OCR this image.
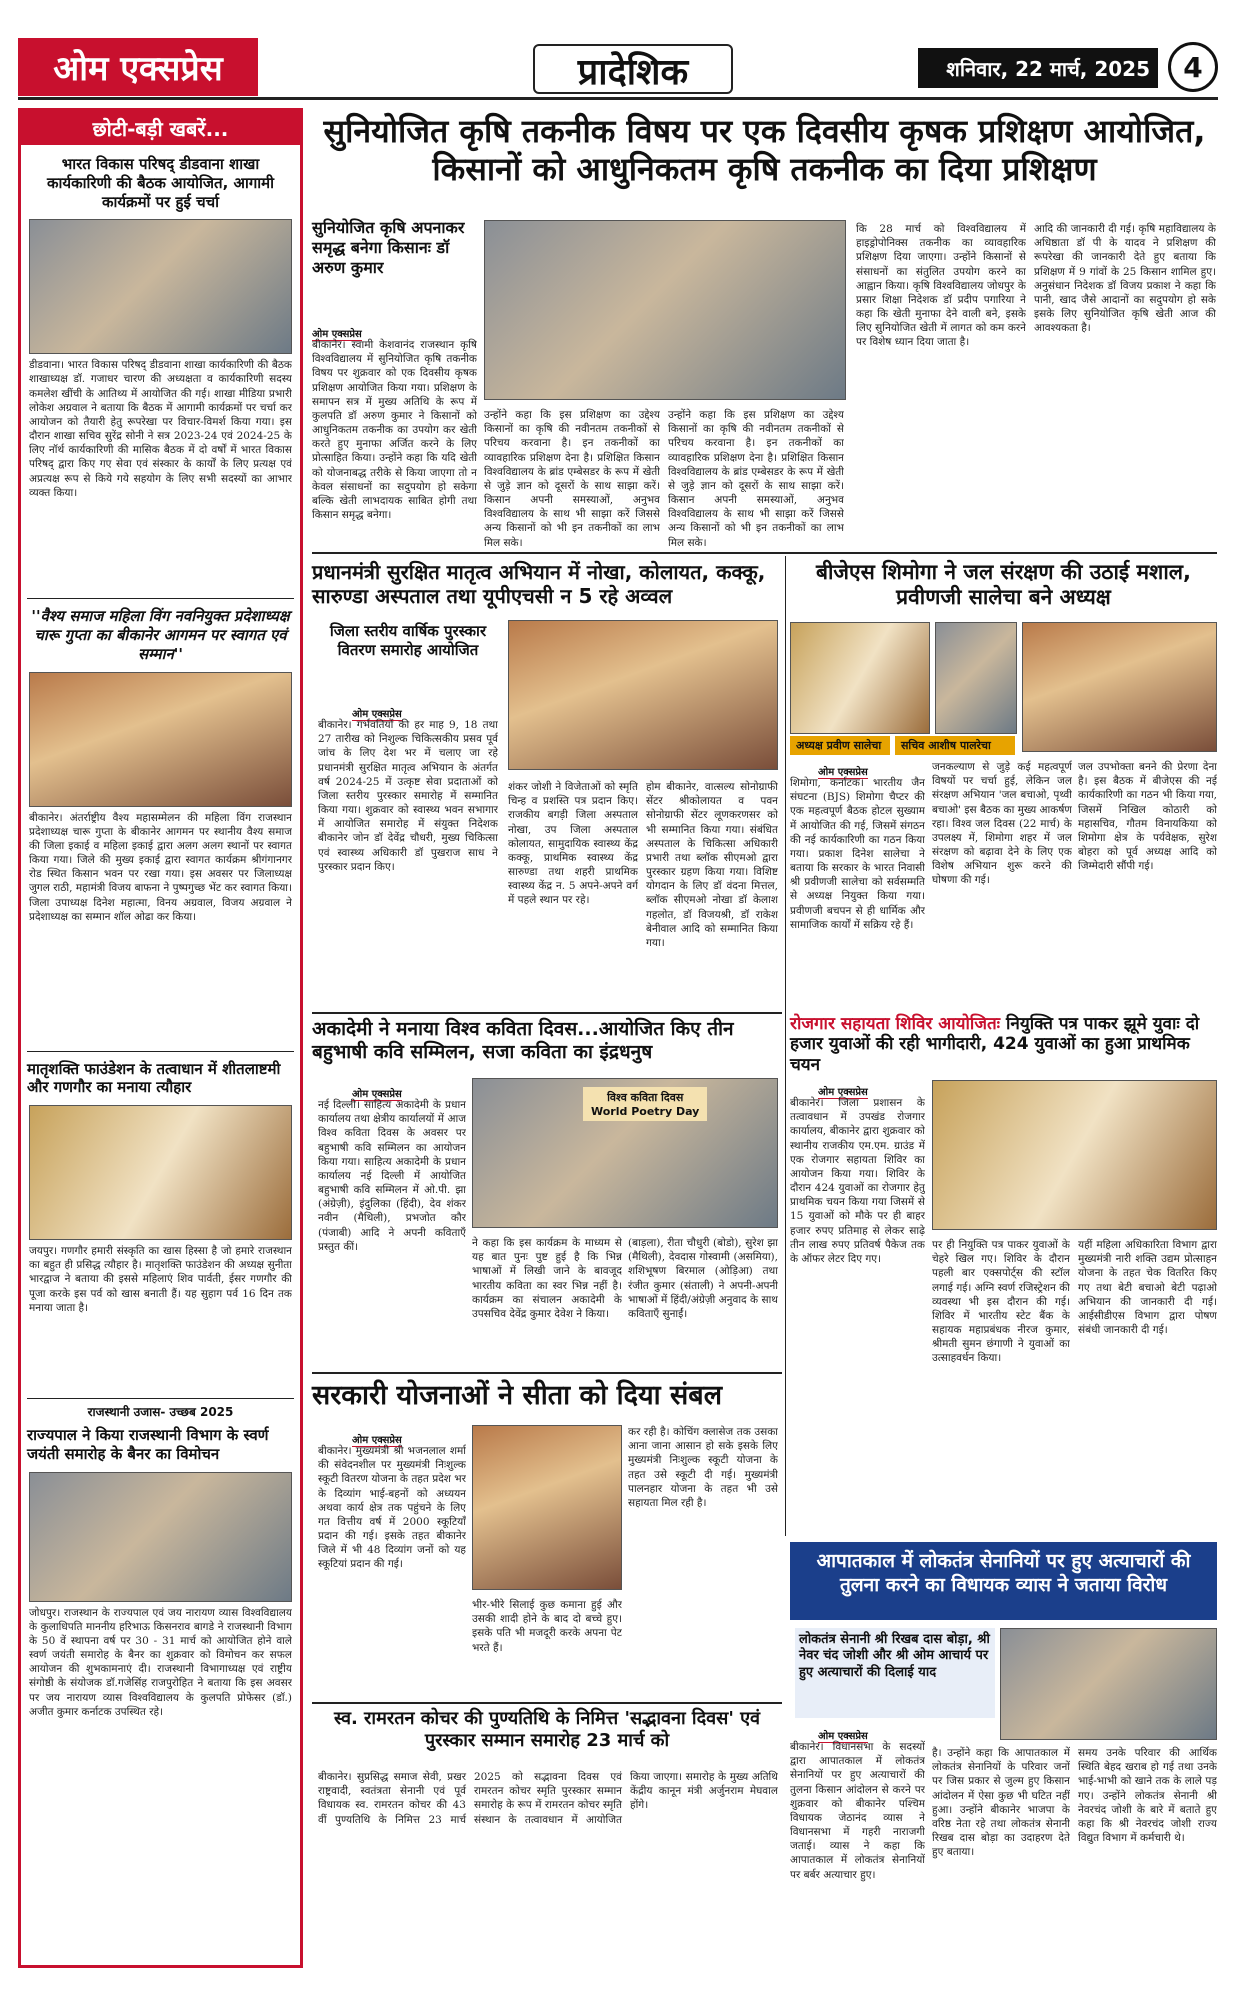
ओम एक्सप्रेस	प्रादेशिक	शनिवार, 22 मार्च, 2025	4
छोटी-बड़ी खबरें...
भारत विकास परिषद् डीडवाना शाखा कार्यकारिणी की बैठक आयोजित, आगामी कार्यक्रमों पर हुई चर्चा
डीडवाना। भारत विकास परिषद् डीडवाना शाखा कार्यकारिणी की बैठक शाखाध्यक्ष डॉ. गजाधर चारण की अध्यक्षता व कार्यकारिणी सदस्य कमलेश खींची के आतिथ्य में आयोजित की गई। शाखा मीडिया प्रभारी लोकेश अग्रवाल ने बताया कि बैठक में आगामी कार्यक्रमों पर चर्चा कर आयोजन को तैयारी हेतु रूपरेखा पर विचार-विमर्श किया गया। इस दौरान शाखा सचिव सुरेंद्र सोनी ने सत्र 2023-24 एवं 2024-25 के लिए नॉर्थ कार्यकारिणी की मासिक बैठक में दो वर्षों में भारत विकास परिषद् द्वारा किए गए सेवा एवं संस्कार के कार्यों के लिए प्रत्यक्ष एवं अप्रत्यक्ष रूप से किये गये सहयोग के लिए सभी सदस्यों का आभार व्यक्त किया।
''वैश्य समाज महिला विंग नवनियुक्त प्रदेशाध्यक्ष चारू गुप्ता का बीकानेर आगमन पर स्वागत एवं सम्मान''
बीकानेर। अंतर्राष्ट्रीय वैश्य महासम्मेलन की महिला विंग राजस्थान प्रदेशाध्यक्ष चारू गुप्ता के बीकानेर आगमन पर स्थानीय वैश्य समाज की जिला इकाई व महिला इकाई द्वारा अलग अलग स्थानों पर स्वागत किया गया। जिले की मुख्य इकाई द्वारा स्वागत कार्यक्रम श्रीगंगानगर रोड स्थित किसान भवन पर रखा गया। इस अवसर पर जिलाध्यक्ष जुगल राठी, महामंत्री विजय बाफना ने पुष्पगुच्छ भेंट कर स्वागत किया। जिला उपाध्यक्ष दिनेश महात्मा, विनय अग्रवाल, विजय अग्रवाल ने प्रदेशाध्यक्ष का सम्मान शॉल ओढा कर किया।
मातृशक्ति फाउंडेशन के तत्वाधान में शीतलाष्टमी और गणगौर का मनाया त्यौहार
जयपुर। गणगौर हमारी संस्कृति का खास हिस्सा है जो हमारे राजस्थान का बहुत ही प्रसिद्ध त्यौहार है। मातृशक्ति फाउंडेशन की अध्यक्ष सुनीता भारद्वाज ने बताया की इससे महिलाएं शिव पार्वती, ईसर गणगौर की पूजा करके इस पर्व को खास बनाती हैं। यह सुहाग पर्व 16 दिन तक मनाया जाता है।
राजस्थानी उजास- उच्छब 2025
राज्यपाल ने किया राजस्थानी विभाग के स्वर्ण जयंती समारोह के बैनर का विमोचन
जोधपुर। राजस्थान के राज्यपाल एवं जय नारायण व्यास विश्वविद्यालय के कुलाधिपति माननीय हरिभाऊ किसनराव बागडे ने राजस्थानी विभाग के 50 वें स्थापना वर्ष पर 30 - 31 मार्च को आयोजित होने वाले स्वर्ण जयंती समारोह के बैनर का शुक्रवार को विमोचन कर सफल आयोजन की शुभकामनाएं दी। राजस्थानी विभागाध्यक्ष एवं राष्ट्रीय संगोष्ठी के संयोजक डॉ.गजेसिंह राजपुरोहित ने बताया कि इस अवसर पर जय नारायण व्यास विश्वविद्यालय के कुलपति प्रोफेसर (डॉ.) अजीत कुमार कर्नाटक उपस्थित रहे।
सुनियोजित कृषि तकनीक विषय पर एक दिवसीय कृषक प्रशिक्षण आयोजित, किसानों को आधुनिकतम कृषि तकनीक का दिया प्रशिक्षण
सुनियोजित कृषि अपनाकर समृद्ध बनेगा किसानः डॉ अरुण कुमार
ओम एक्सप्रेस
बीकानेर। स्वामी केशवानंद राजस्थान कृषि विश्वविद्यालय में सुनियोजित कृषि तकनीक विषय पर शुक्रवार को एक दिवसीय कृषक प्रशिक्षण आयोजित किया गया। प्रशिक्षण के समापन सत्र में मुख्य अतिथि के रूप में कुलपति डॉ अरुण कुमार ने किसानों को आधुनिकतम तकनीक का उपयोग कर खेती करते हुए मुनाफा अर्जित करने के लिए प्रोत्साहित किया। उन्होंने कहा कि यदि खेती को योजनाबद्ध तरीके से किया जाएगा तो न केवल संसाधनों का सदुपयोग हो सकेगा बल्कि खेती लाभदायक साबित होगी तथा किसान समृद्ध बनेगा।
उन्होंने कहा कि इस प्रशिक्षण का उद्देश्य किसानों का कृषि की नवीनतम तकनीकों से परिचय करवाना है। इन तकनीकों का व्यावहारिक प्रशिक्षण देना है। प्रशिक्षित किसान विश्वविद्यालय के ब्रांड एम्बेसडर के रूप में खेती से जुड़े ज्ञान को दूसरों के साथ साझा करें। किसान अपनी समस्याओं, अनुभव विश्वविद्यालय के साथ भी साझा करें जिससे अन्य किसानों को भी इन तकनीकों का लाभ मिल सके।
उन्होंने कहा कि इस प्रशिक्षण का उद्देश्य किसानों का कृषि की नवीनतम तकनीकों से परिचय करवाना है। इन तकनीकों का व्यावहारिक प्रशिक्षण देना है। प्रशिक्षित किसान विश्वविद्यालय के ब्रांड एम्बेसडर के रूप में खेती से जुड़े ज्ञान को दूसरों के साथ साझा करें। किसान अपनी समस्याओं, अनुभव विश्वविद्यालय के साथ भी साझा करें जिससे अन्य किसानों को भी इन तकनीकों का लाभ मिल सके।
कि 28 मार्च को विश्वविद्यालय में हाइड्रोपोनिक्स तकनीक का व्यावहारिक प्रशिक्षण दिया जाएगा। उन्होंने किसानों से संसाधनों का संतुलित उपयोग करने का आह्वान किया। कृषि विश्वविद्यालय जोधपुर के प्रसार शिक्षा निदेशक डॉ प्रदीप पगारिया ने कहा कि खेती मुनाफा देने वाली बने, इसके लिए सुनियोजित खेती में लागत को कम करने पर विशेष ध्यान दिया जाता है।
आदि की जानकारी दी गई। कृषि महाविद्यालय के अधिष्ठाता डॉ पी के यादव ने प्रशिक्षण की रूपरेखा की जानकारी देते हुए बताया कि प्रशिक्षण में 9 गांवों के 25 किसान शामिल हुए। अनुसंधान निदेशक डॉ विजय प्रकाश ने कहा कि पानी, खाद जैसे आदानों का सदुपयोग हो सके इसके लिए सुनियोजित कृषि खेती आज की आवश्यकता है।
प्रधानमंत्री सुरक्षित मातृत्व अभियान में नोखा, कोलायत, कक्कू, सारुण्डा अस्पताल तथा यूपीएचसी न 5 रहे अव्वल
जिला स्तरीय वार्षिक पुरस्कार वितरण समारोह आयोजित
ओम एक्सप्रेस
बीकानेर। गर्भवतियों की हर माह 9, 18 तथा 27 तारीख को निशुल्क चिकित्सकीय प्रसव पूर्व जांच के लिए देश भर में चलाए जा रहे प्रधानमंत्री सुरक्षित मातृत्व अभियान के अंतर्गत वर्ष 2024-25 में उत्कृष्ट सेवा प्रदाताओं को जिला स्तरीय पुरस्कार समारोह में सम्मानित किया गया। शुक्रवार को स्वास्थ्य भवन सभागार में आयोजित समारोह में संयुक्त निदेशक बीकानेर जोन डॉ देवेंद्र चौधरी, मुख्य चिकित्सा एवं स्वास्थ्य अधिकारी डॉ पुखराज साध ने पुरस्कार प्रदान किए।
शंकर जोशी ने विजेताओं को स्मृति चिन्ह व प्रशस्ति पत्र प्रदान किए। राजकीय बगड़ी जिला अस्पताल नोखा, उप जिला अस्पताल कोलायत, सामुदायिक स्वास्थ्य केंद्र कक्कू, प्राथमिक स्वास्थ्य केंद्र सारुण्डा तथा शहरी प्राथमिक स्वास्थ्य केंद्र न. 5 अपने-अपने वर्ग में पहले स्थान पर रहे।
होम बीकानेर, वात्सल्य सोनोग्राफी सेंटर श्रीकोलायत व पवन सोनोग्राफी सेंटर लूणकरणसर को भी सम्मानित किया गया। संबंधित अस्पताल के चिकित्सा अधिकारी प्रभारी तथा ब्लॉक सीएमओ द्वारा पुरस्कार ग्रहण किया गया। विशिष्ट योगदान के लिए डॉ वंदना मित्तल, ब्लॉक सीएमओ नोखा डॉ केलाश गहलोत, डॉ विजयश्री, डॉ राकेश बेनीवाल आदि को सम्मानित किया गया।
बीजेएस शिमोगा ने जल संरक्षण की उठाई मशाल, प्रवीणजी सालेचा बने अध्यक्ष
अध्यक्ष प्रवीण सालेचा	सचिव आशीष पालरेचा
ओम एक्सप्रेस
शिमोगा, कर्नाटक। भारतीय जैन संघटना (BJS) शिमोगा चैप्टर की एक महत्वपूर्ण बैठक होटल सुख्याम में आयोजित की गई, जिसमें संगठन की नई कार्यकारिणी का गठन किया गया। प्रकाश दिनेश सालेचा ने बताया कि सरकार के भारत निवासी श्री प्रवीणजी सालेचा को सर्वसम्मति से अध्यक्ष नियुक्त किया गया। प्रवीणजी बचपन से ही धार्मिक और सामाजिक कार्यों में सक्रिय रहे हैं।
जनकल्याण से जुड़े कई महत्वपूर्ण विषयों पर चर्चा हुई, लेकिन जल संरक्षण अभियान 'जल बचाओ, पृथ्वी बचाओ' इस बैठक का मुख्य आकर्षण रहा। विश्व जल दिवस (22 मार्च) के उपलक्ष्य में, शिमोगा शहर में जल संरक्षण को बढ़ावा देने के लिए एक विशेष अभियान शुरू करने की घोषणा की गई।
जल उपभोक्ता बनने की प्रेरणा देना है। इस बैठक में बीजेएस की नई कार्यकारिणी का गठन भी किया गया, जिसमें निखिल कोठारी को महासचिव, गौतम विनायकिया को शिमोगा क्षेत्र के पर्यवेक्षक, सुरेश बोहरा को पूर्व अध्यक्ष आदि को जिम्मेदारी सौंपी गई।
रोजगार सहायता शिविर आयोजितः नियुक्ति पत्र पाकर झूमे युवाः दो हजार युवाओं की रही भागीदारी, 424 युवाओं का हुआ प्राथमिक चयन
ओम एक्सप्रेस
बीकानेर। जिला प्रशासन के तत्वावधान में उपखंड रोजगार कार्यालय, बीकानेर द्वारा शुक्रवार को स्थानीय राजकीय एम.एम. ग्राउंड में एक रोजगार सहायता शिविर का आयोजन किया गया। शिविर के दौरान 424 युवाओं का रोजगार हेतु प्राथमिक चयन किया गया जिसमें से 15 युवाओं को मौके पर ही बाहर हजार रुपए प्रतिमाह से लेकर साढ़े तीन लाख रुपए प्रतिवर्ष पैकेज तक के ऑफर लेटर दिए गए।
पर ही नियुक्ति पत्र पाकर युवाओं के चेहरे खिल गए। शिविर के दौरान पहली बार एक्सपोर्ट्स की स्टॉल लगाई गई। अग्नि स्वर्ण रजिस्ट्रेशन की व्यवस्था भी इस दौरान की गई। शिविर में भारतीय स्टेट बैंक के सहायक महाप्रबंधक नीरज कुमार, श्रीमती सुमन छंगाणी ने युवाओं का उत्साहवर्धन किया।
यहीं महिला अधिकारिता विभाग द्वारा मुख्यमंत्री नारी शक्ति उद्यम प्रोत्साहन योजना के तहत चेक वितरित किए गए तथा बेटी बचाओ बेटी पढ़ाओ अभियान की जानकारी दी गई। आईसीडीएस विभाग द्वारा पोषण संबंधी जानकारी दी गई।
अकादेमी ने मनाया विश्व कविता दिवस...आयोजित किए तीन बहुभाषी कवि सम्मिलन, सजा कविता का इंद्रधनुष
विश्व कविता दिवस
World Poetry Day
ओम एक्सप्रेस
नई दिल्ली। साहित्य अकादेमी के प्रधान कार्यालय तथा क्षेत्रीय कार्यालयों में आज विश्व कविता दिवस के अवसर पर बहुभाषी कवि सम्मिलन का आयोजन किया गया। साहित्य अकादेमी के प्रधान कार्यालय नई दिल्ली में आयोजित बहुभाषी कवि सम्मिलन में ओ.पी. झा (अंग्रेज़ी), इंदुलिका (हिंदी), देव शंकर नवीन (मैथिली), प्रभजोत कौर (पंजाबी) आदि ने अपनी कविताएँ प्रस्तुत कीं।	ने कहा कि इस कार्यक्रम के माध्यम से यह बात पुनः पुष्ट हुई है कि भिन्न भाषाओं में लिखी जाने के बावजूद भारतीय कविता का स्वर भिन्न नहीं है। कार्यक्रम का संचालन अकादेमी के उपसचिव देवेंद्र कुमार देवेश ने किया।
(बाड़ला), रीता चौधुरी (बोडो), सुरेश झा (मैथिली), देवदास गोस्वामी (असमिया), शशिभूषण बिरमाल (ओड़िआ) तथा रंजीत कुमार (संताली) ने अपनी-अपनी भाषाओं में हिंदी/अंग्रेज़ी अनुवाद के साथ कविताएँ सुनाईं।
सरकारी योजनाओं ने सीता को दिया संबल
ओम एक्सप्रेस
बीकानेर। मुख्यमंत्री श्री भजनलाल शर्मा की संवेदनशील पर मुख्यमंत्री निःशुल्क स्कूटी वितरण योजना के तहत प्रदेश भर के दिव्यांग भाई-बहनों को अध्ययन अथवा कार्य क्षेत्र तक पहुंचने के लिए गत वित्तीय वर्ष में 2000 स्कूटियाँ प्रदान की गई। इसके तहत बीकानेर जिले में भी 48 दिव्यांग जनों को यह स्कूटियां प्रदान की गई।
भीर-भीरे सिलाई कुछ कमाना हुई और उसकी शादी होने के बाद दो बच्चे हुए। इसके पति भी मजदूरी करके अपना पेट भरते हैं।
कर रही है। कोचिंग क्लासेज तक उसका आना जाना आसान हो सके इसके लिए मुख्यमंत्री निःशुल्क स्कूटी योजना के तहत उसे स्कूटी दी गई। मुख्यमंत्री पालनहार योजना के तहत भी उसे सहायता मिल रही है।
आपातकाल में लोकतंत्र सेनानियों पर हुए अत्याचारों की तुलना करने का विधायक व्यास ने जताया विरोध
लोकतंत्र सेनानी श्री रिखब दास बोड़ा, श्री नेवर चंद जोशी और श्री ओम आचार्य पर हुए अत्याचारों की दिलाई याद
ओम एक्सप्रेस
बीकानेर। विधानसभा के सदस्यों द्वारा आपातकाल में लोकतंत्र सेनानियों पर हुए अत्याचारों की तुलना किसान आंदोलन से करने पर शुक्रवार को बीकानेर पश्चिम विधायक जेठानंद व्यास ने विधानसभा में गहरी नाराजगी जताई। व्यास ने कहा कि आपातकाल में लोकतंत्र सेनानियों पर बर्बर अत्याचार हुए।
है। उन्होंने कहा कि आपातकाल में लोकतंत्र सेनानियों के परिवार जनों पर जिस प्रकार से जुल्म हुए किसान आंदोलन में ऐसा कुछ भी घटित नहीं हुआ। उन्होंने बीकानेर भाजपा के वरिष्ठ नेता रहे तथा लोकतंत्र सेनानी रिखब दास बोड़ा का उदाहरण देते हुए बताया।
समय उनके परिवार की आर्थिक स्थिति बेहद खराब हो गई तथा उनके भाई-भाभी को खाने तक के लाले पड़ गए। उन्होंने लोकतंत्र सेनानी श्री नेवरचंद जोशी के बारे में बताते हुए कहा कि श्री नेवरचंद जोशी राज्य विद्युत विभाग में कर्मचारी थे।
स्व. रामरतन कोचर की पुण्यतिथि के निमित्त 'सद्भावना दिवस' एवं पुरस्कार सम्मान समारोह 23 मार्च को
बीकानेर। सुप्रसिद्ध समाज सेवी, प्रखर राष्ट्रवादी, स्वतंत्रता सेनानी एवं पूर्व विधायक स्व. रामरतन कोचर की 43 वीं पुण्यतिथि के निमित्त 23 मार्च 2025 को सद्भावना दिवस एवं रामरतन कोचर स्मृति पुरस्कार सम्मान समारोह के रूप में रामरतन कोचर स्मृति संस्थान के तत्वावधान में आयोजित किया जाएगा। समारोह के मुख्य अतिथि केंद्रीय कानून मंत्री अर्जुनराम मेघवाल होंगे।
